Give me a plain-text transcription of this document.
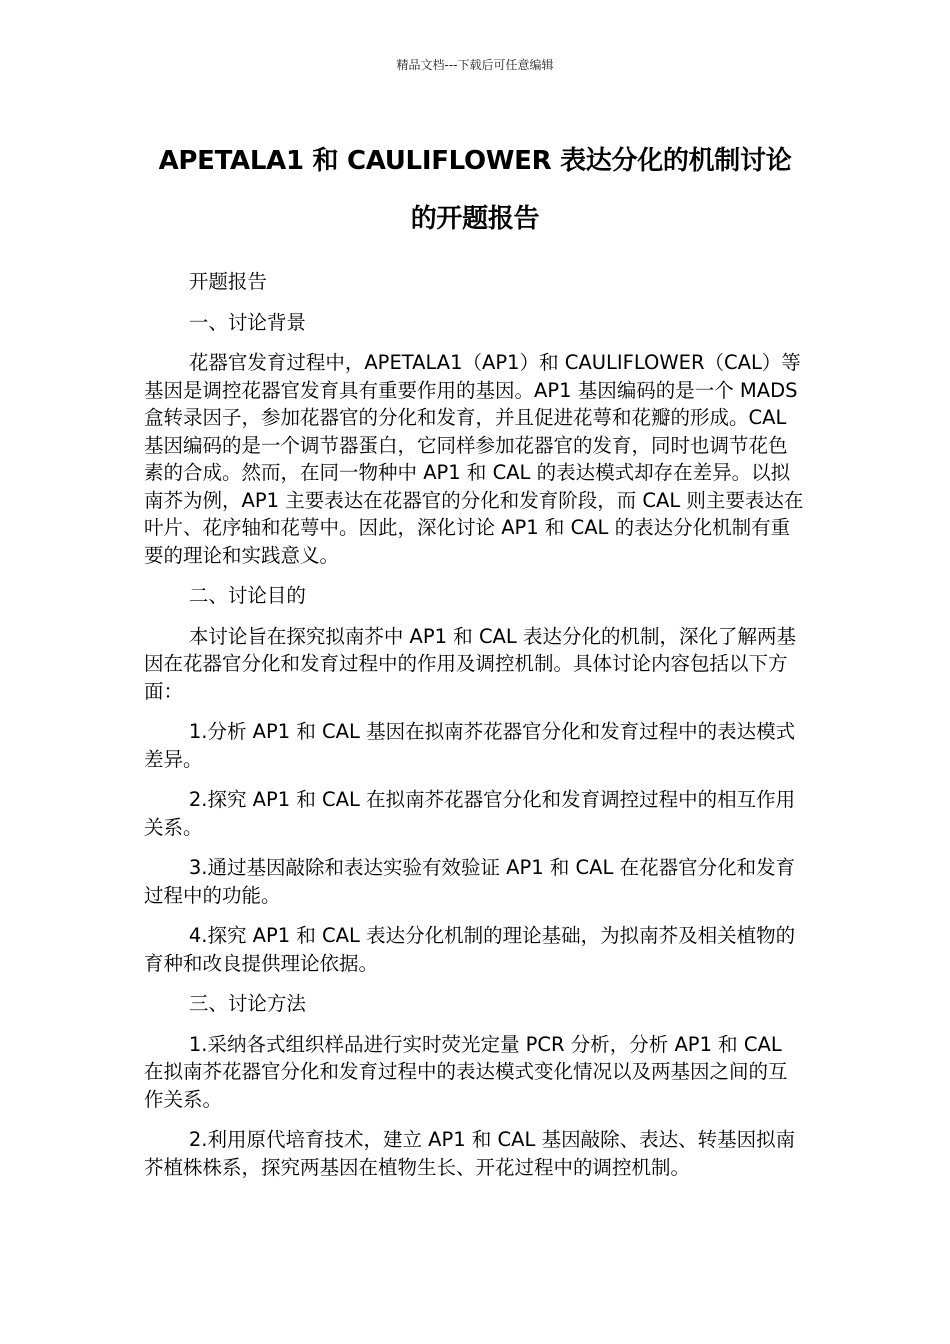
精品文档---下载后可任意编辑
APETALA1 和 CAULIFLOWER 表达分化的机制讨论
的开题报告

开题报告

一、讨论背景

花器官发育过程中，APETALA1（AP1）和 CAULIFLOWER（CAL）等基因是调控花器官发育具有重要作用的基因。AP1 基因编码的是一个 MADS 盒转录因子，参加花器官的分化和发育，并且促进花萼和花瓣的形成。CAL 基因编码的是一个调节器蛋白，它同样参加花器官的发育，同时也调节花色素的合成。然而，在同一物种中 AP1 和 CAL 的表达模式却存在差异。以拟南芥为例，AP1 主要表达在花器官的分化和发育阶段，而 CAL 则主要表达在叶片、花序轴和花萼中。因此，深化讨论 AP1 和 CAL 的表达分化机制有重要的理论和实践意义。

二、讨论目的

本讨论旨在探究拟南芥中 AP1 和 CAL 表达分化的机制，深化了解两基因在花器官分化和发育过程中的作用及调控机制。具体讨论内容包括以下方面：

1.分析 AP1 和 CAL 基因在拟南芥花器官分化和发育过程中的表达模式差异。

2.探究 AP1 和 CAL 在拟南芥花器官分化和发育调控过程中的相互作用关系。

3.通过基因敲除和表达实验有效验证 AP1 和 CAL 在花器官分化和发育过程中的功能。

4.探究 AP1 和 CAL 表达分化机制的理论基础，为拟南芥及相关植物的育种和改良提供理论依据。

三、讨论方法

1.采纳各式组织样品进行实时荧光定量 PCR 分析，分析 AP1 和 CAL 在拟南芥花器官分化和发育过程中的表达模式变化情况以及两基因之间的互作关系。

2.利用原代培育技术，建立 AP1 和 CAL 基因敲除、表达、转基因拟南芥植株株系，探究两基因在植物生长、开花过程中的调控机制。
